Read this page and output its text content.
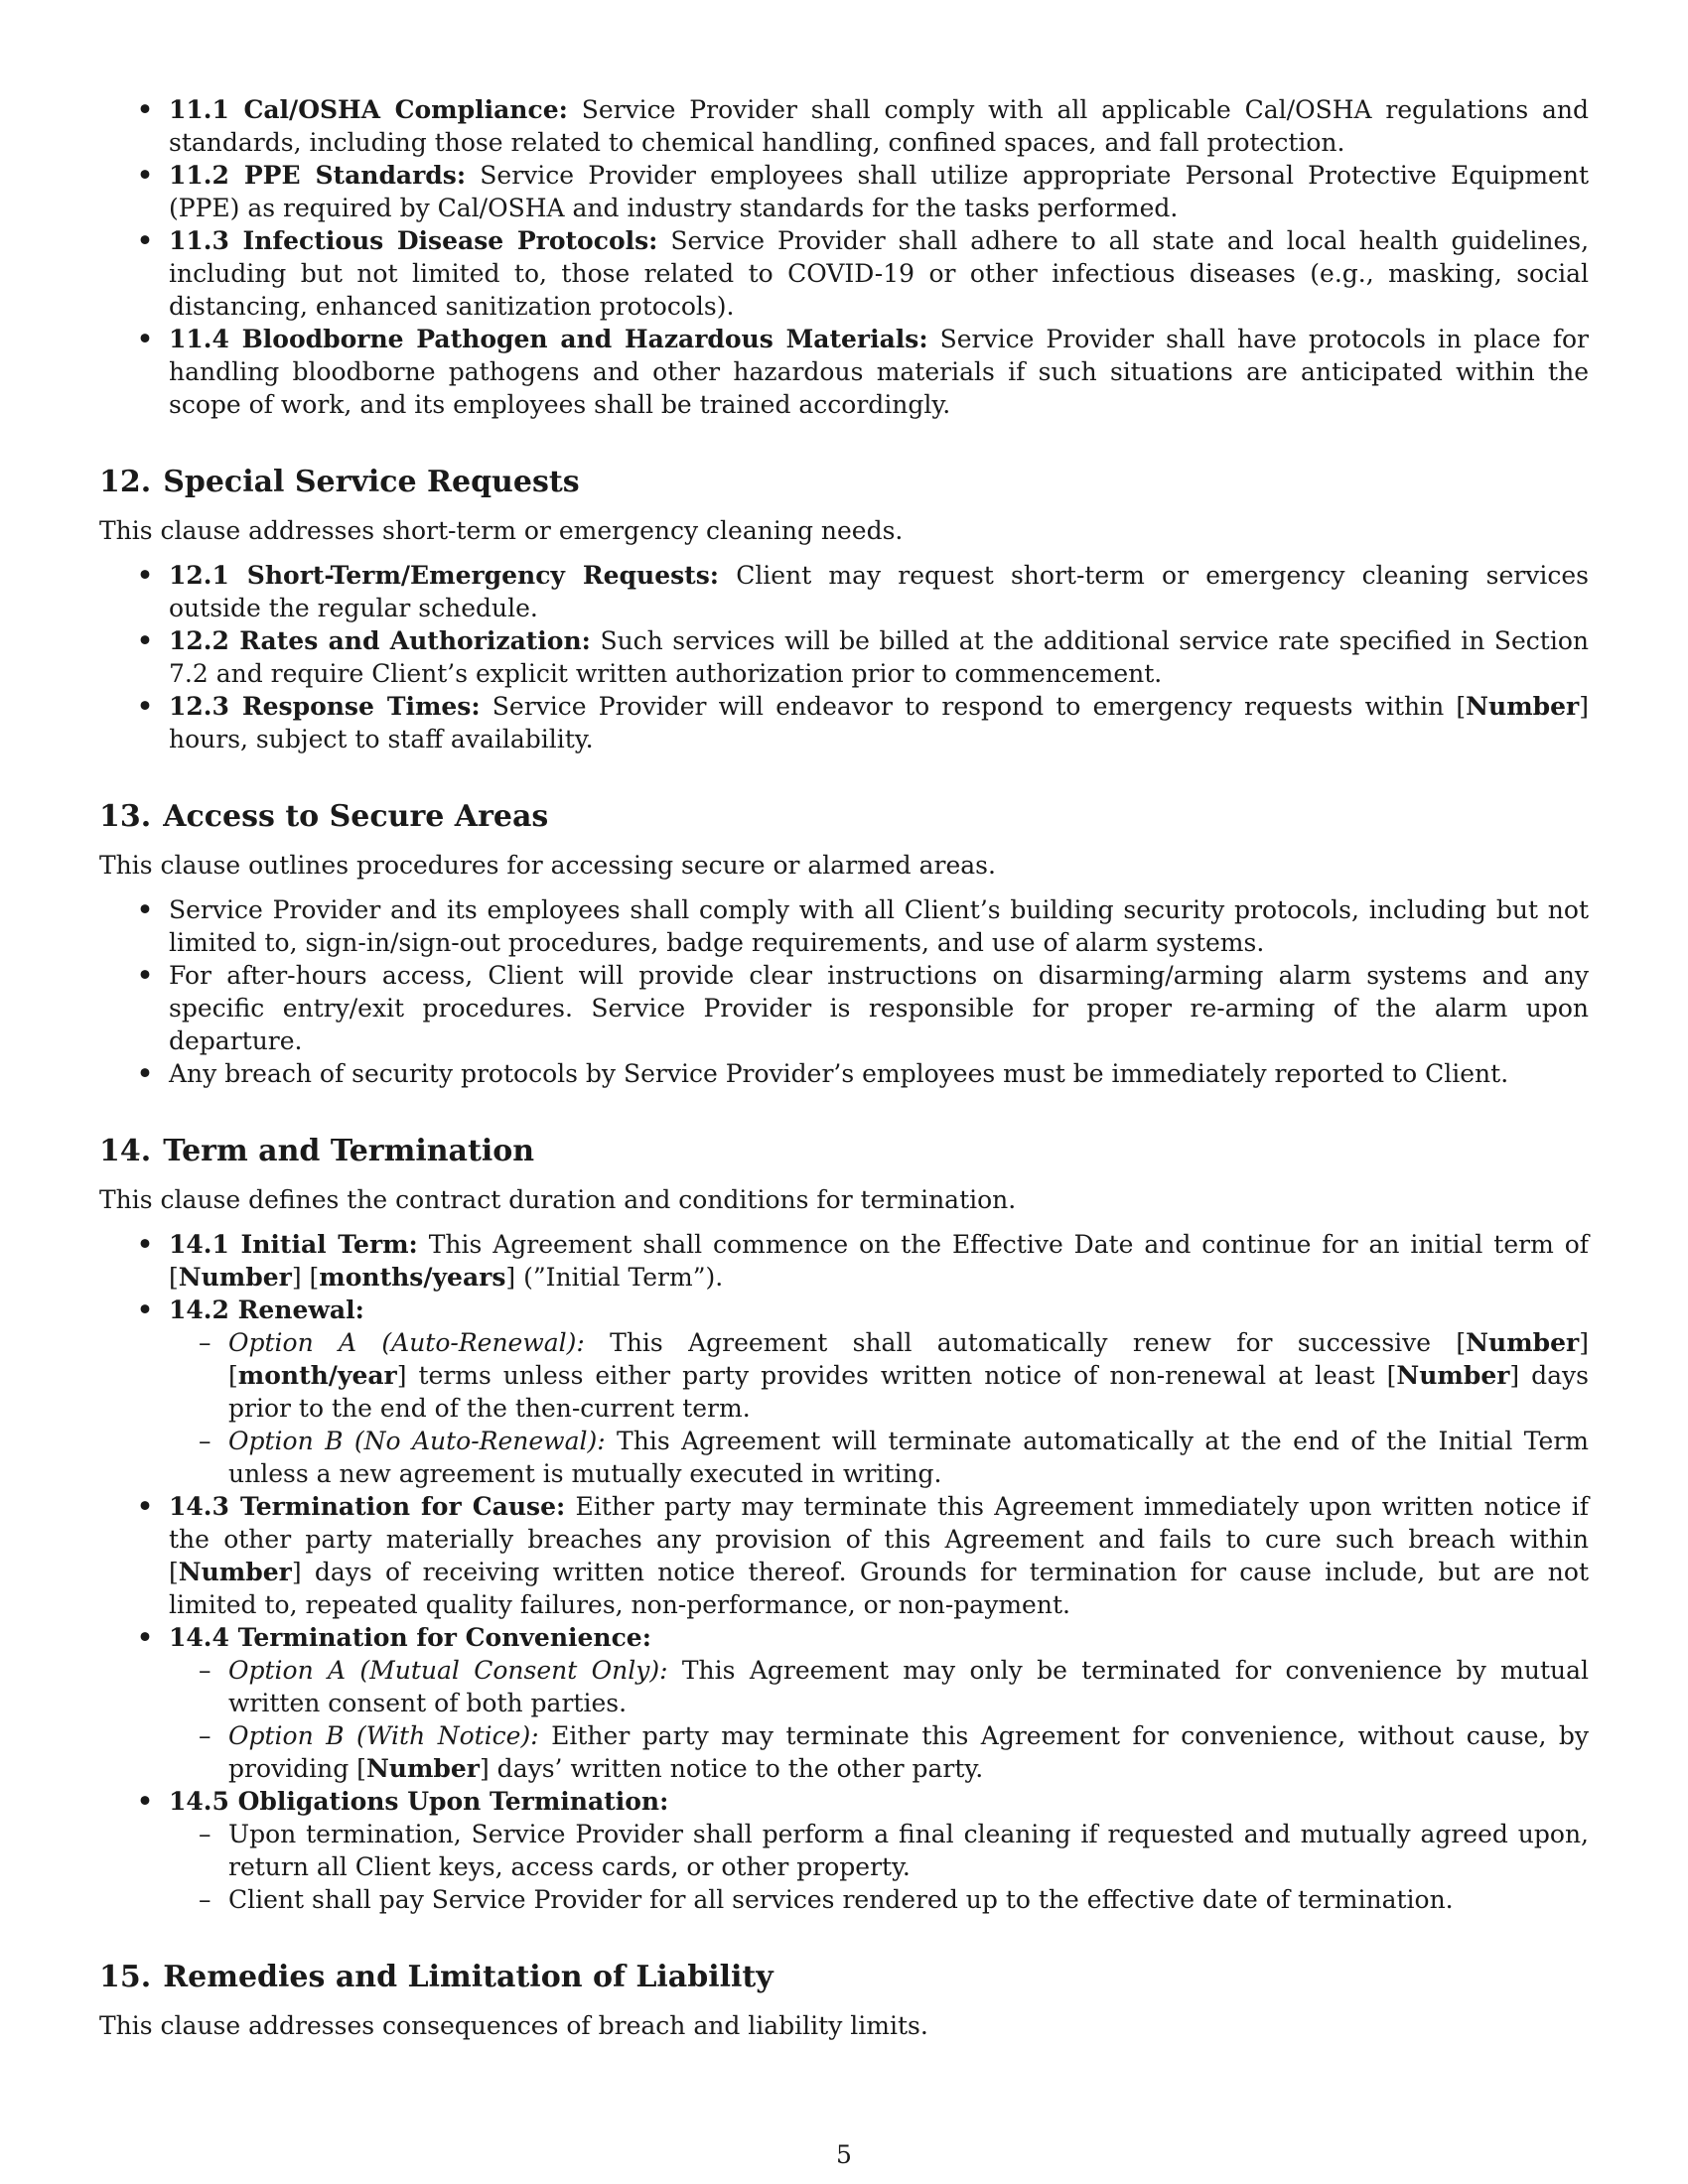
• 11.1 Cal/OSHA Compliance: Service Provider shall comply with all applicable Cal/OSHA regulations and standards, including those related to chemical handling, confined spaces, and fall protection.
• 11.2 PPE Standards: Service Provider employees shall utilize appropriate Personal Protective Equipment (PPE) as required by Cal/OSHA and industry standards for the tasks performed.
• 11.3 Infectious Disease Protocols: Service Provider shall adhere to all state and local health guidelines, including but not limited to, those related to COVID-19 or other infectious diseases (e.g., masking, social distancing, enhanced sanitization protocols).
• 11.4 Bloodborne Pathogen and Hazardous Materials: Service Provider shall have protocols in place for handling bloodborne pathogens and other hazardous materials if such situations are anticipated within the scope of work, and its employees shall be trained accordingly.
12. Special Service Requests

This clause addresses short-term or emergency cleaning needs.

• 12.1 Short-Term/Emergency Requests: Client may request short-term or emergency cleaning services outside the regular schedule.
• 12.2 Rates and Authorization: Such services will be billed at the additional service rate specified in Section 7.2 and require Client’s explicit written authorization prior to commencement.
• 12.3 Response Times: Service Provider will endeavor to respond to emergency requests within [Number] hours, subject to staff availability.
13. Access to Secure Areas

This clause outlines procedures for accessing secure or alarmed areas.

• Service Provider and its employees shall comply with all Client’s building security protocols, including but not limited to, sign-in/sign-out procedures, badge requirements, and use of alarm systems.
• For after-hours access, Client will provide clear instructions on disarming/arming alarm systems and any specific entry/exit procedures. Service Provider is responsible for proper re-arming of the alarm upon departure.
• Any breach of security protocols by Service Provider’s employees must be immediately reported to Client.
14. Term and Termination

This clause defines the contract duration and conditions for termination.

• 14.1 Initial Term: This Agreement shall commence on the Effective Date and continue for an initial term of [Number] [months/years] (”Initial Term”).
• 14.2 Renewal:
– Option A (Auto-Renewal): This Agreement shall automatically renew for successive [Number] [month/year] terms unless either party provides written notice of non-renewal at least [Number] days prior to the end of the then-current term.
– Option B (No Auto-Renewal): This Agreement will terminate automatically at the end of the Initial Term unless a new agreement is mutually executed in writing.
• 14.3 Termination for Cause: Either party may terminate this Agreement immediately upon written notice if the other party materially breaches any provision of this Agreement and fails to cure such breach within [Number] days of receiving written notice thereof. Grounds for termination for cause include, but are not limited to, repeated quality failures, non-performance, or non-payment.
• 14.4 Termination for Convenience:
– Option A (Mutual Consent Only): This Agreement may only be terminated for convenience by mutual written consent of both parties.
– Option B (With Notice): Either party may terminate this Agreement for convenience, without cause, by providing [Number] days’ written notice to the other party.
• 14.5 Obligations Upon Termination:
– Upon termination, Service Provider shall perform a final cleaning if requested and mutually agreed upon, return all Client keys, access cards, or other property.
– Client shall pay Service Provider for all services rendered up to the effective date of termination.
15. Remedies and Limitation of Liability

This clause addresses consequences of breach and liability limits.

5
